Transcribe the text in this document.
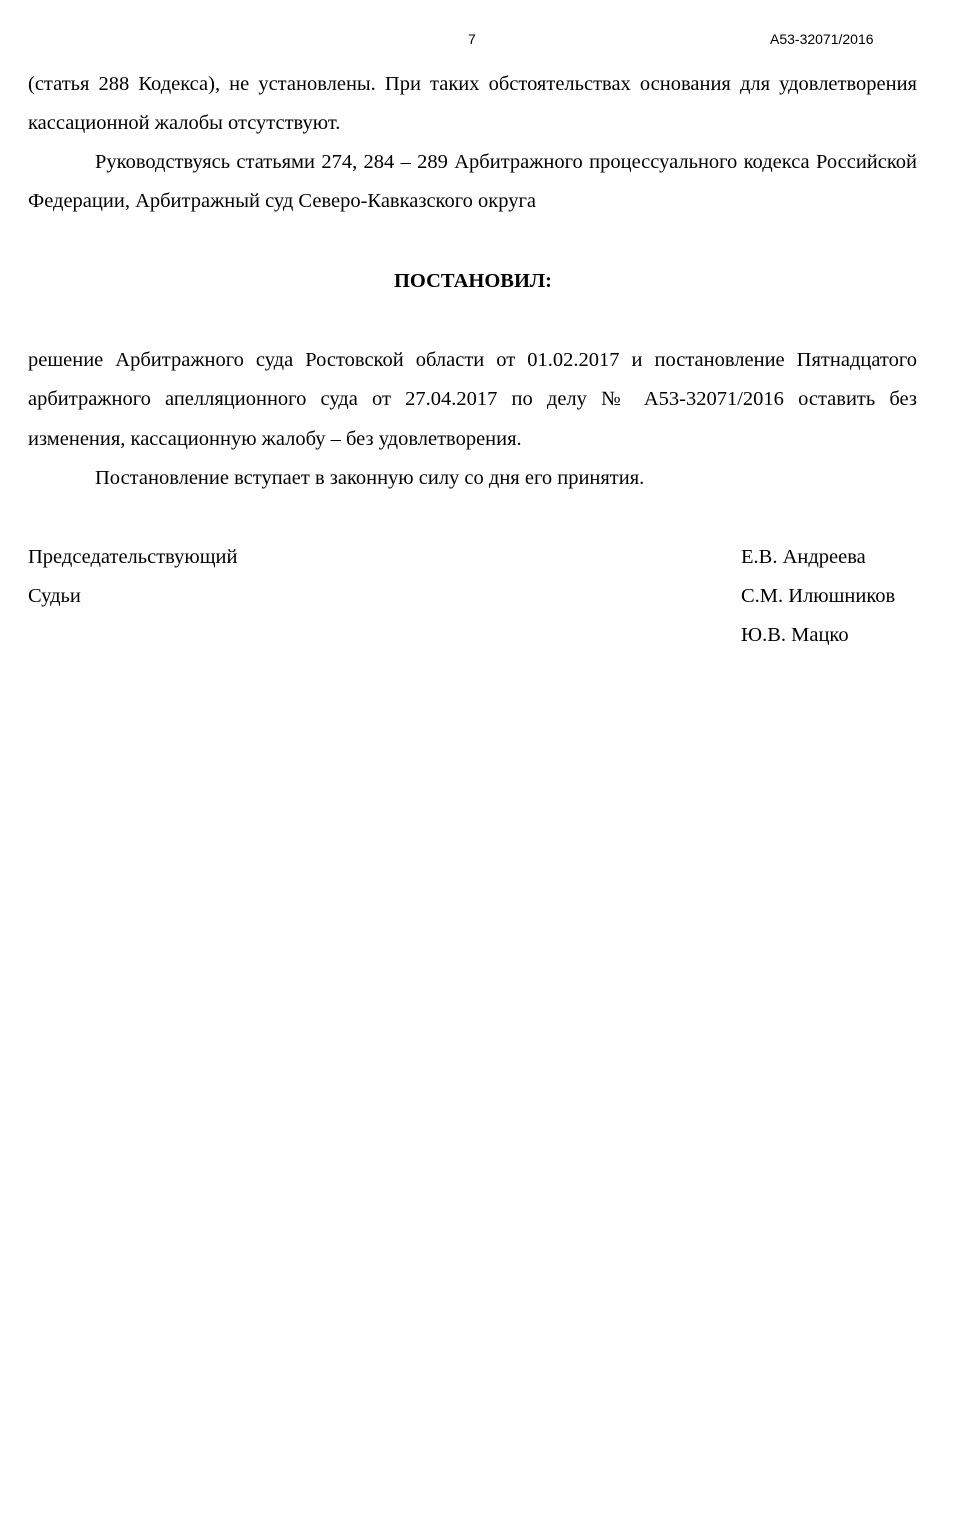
7	А53-32071/2016

(статья 288 Кодекса), не установлены. При таких обстоятельствах основания для удовлетворения кассационной жалобы отсутствуют.

Руководствуясь статьями 274, 284 – 289 Арбитражного процессуального кодекса Российской Федерации, Арбитражный суд Северо-Кавказского округа

ПОСТАНОВИЛ:

решение Арбитражного суда Ростовской области от 01.02.2017 и постановление Пятнадцатого арбитражного апелляционного суда от 27.04.2017 по делу № А53-32071/2016 оставить без изменения, кассационную жалобу – без удовлетворения.

Постановление вступает в законную силу со дня его принятия.

Председательствующий	Е.В. Андреева
Судьи	С.М. Илюшников
Ю.В. Мацко
